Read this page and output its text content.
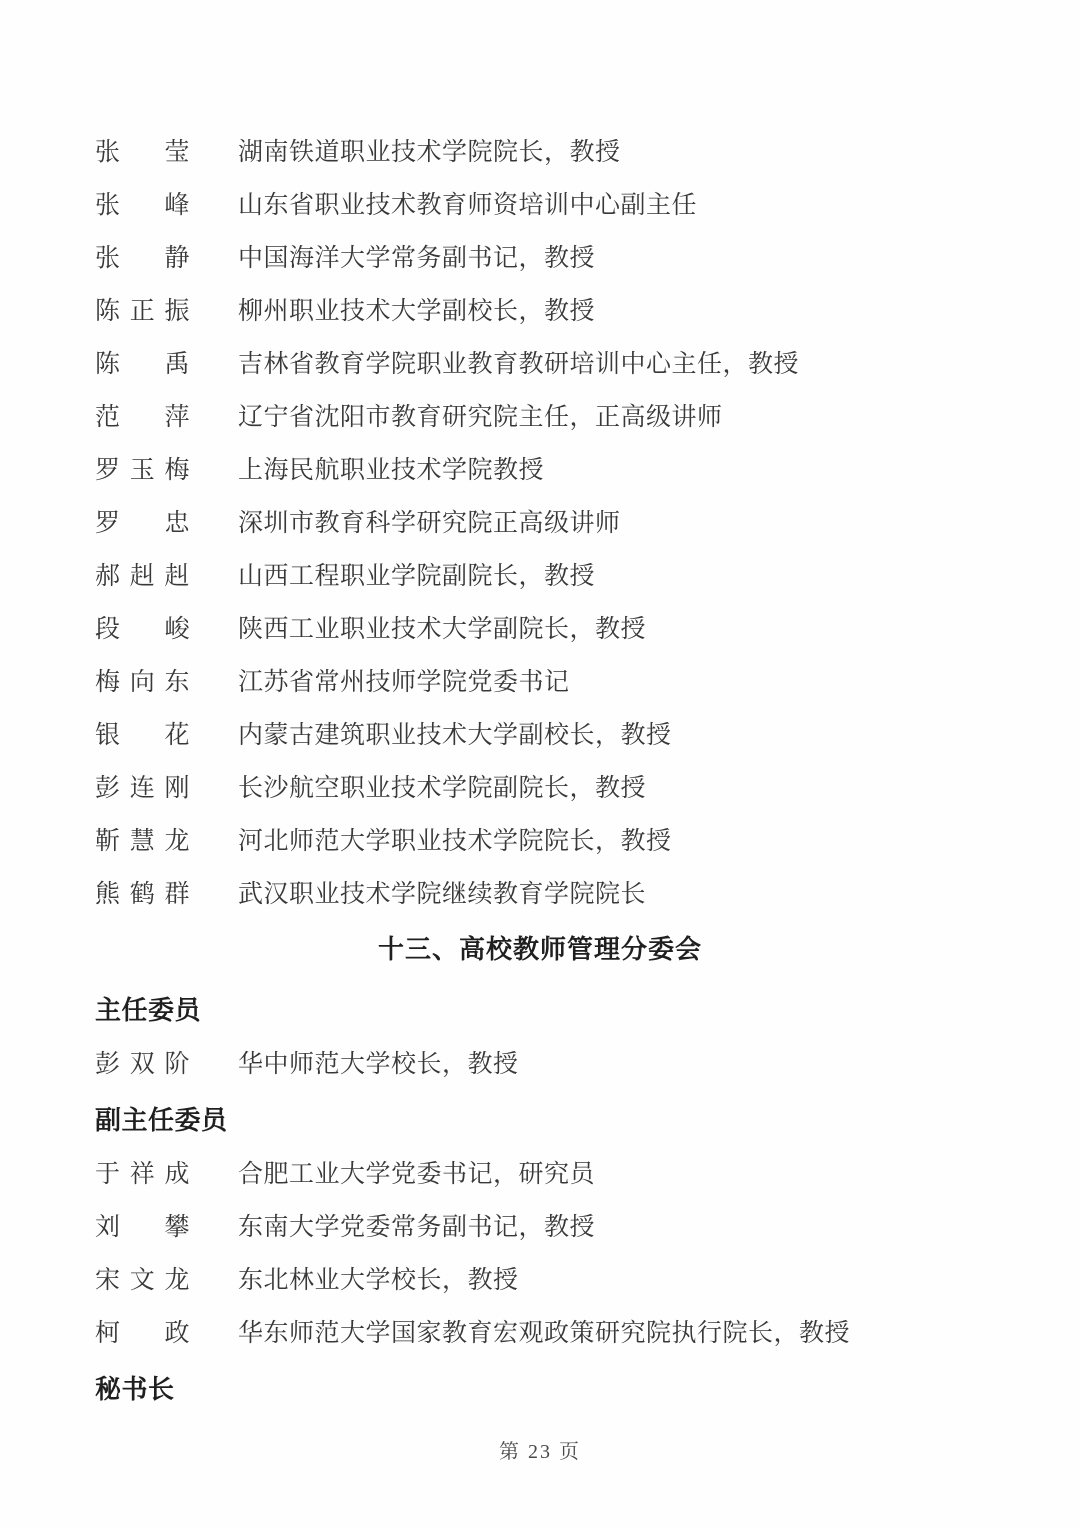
张 莹 湖南铁道职业技术学院院长，教授
张 峰 山东省职业技术教育师资培训中心副主任
张 静 中国海洋大学常务副书记，教授
陈 正 振 柳州职业技术大学副校长，教授
陈 禹 吉林省教育学院职业教育教研培训中心主任，教授
范 萍 辽宁省沈阳市教育研究院主任，正高级讲师
罗 玉 梅 上海民航职业技术学院教授
罗 忠 深圳市教育科学研究院正高级讲师
郝 赳 赳 山西工程职业学院副院长，教授
段 峻 陕西工业职业技术大学副院长，教授
梅 向 东 江苏省常州技师学院党委书记
银 花 内蒙古建筑职业技术大学副校长，教授
彭 连 刚 长沙航空职业技术学院副院长，教授
靳 慧 龙 河北师范大学职业技术学院院长，教授
熊 鹤 群 武汉职业技术学院继续教育学院院长
十三、高校教师管理分委会
主任委员
彭 双 阶 华中师范大学校长，教授
副主任委员
于 祥 成 合肥工业大学党委书记，研究员
刘 攀 东南大学党委常务副书记，教授
宋 文 龙 东北林业大学校长，教授
柯 政 华东师范大学国家教育宏观政策研究院执行院长，教授
秘书长
第 23 页
